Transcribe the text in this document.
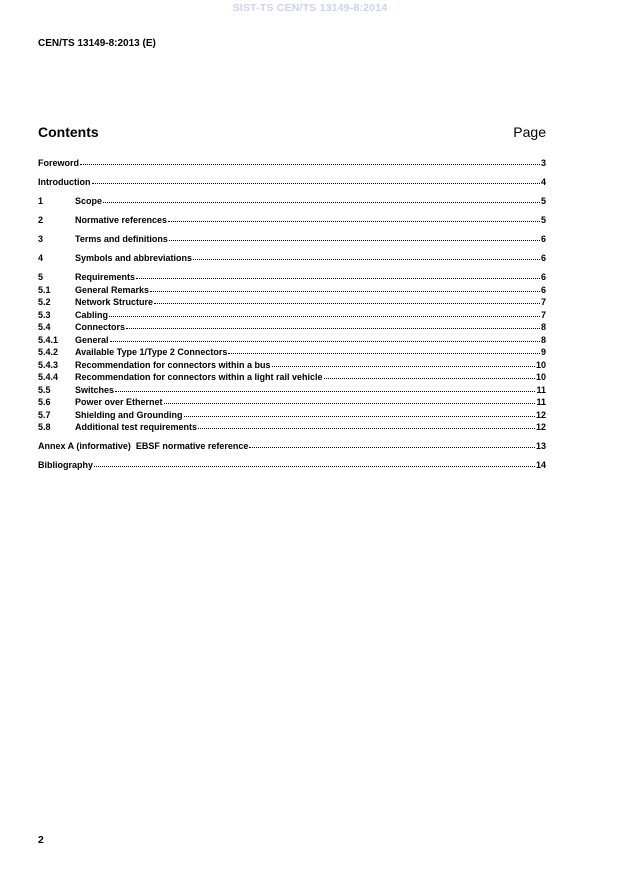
SIST-TS CEN/TS 13149-8:2014
CEN/TS 13149-8:2013 (E)
Contents	Page
Foreword	3
Introduction	4
1	Scope	5
2	Normative references	5
3	Terms and definitions	6
4	Symbols and abbreviations	6
5	Requirements	6
5.1	General Remarks	6
5.2	Network Structure	7
5.3	Cabling	7
5.4	Connectors	8
5.4.1	General	8
5.4.2	Available Type 1/Type 2 Connectors	9
5.4.3	Recommendation for connectors within a bus	10
5.4.4	Recommendation for connectors within a light rail vehicle	10
5.5	Switches	11
5.6	Power over Ethernet	11
5.7	Shielding and Grounding	12
5.8	Additional test requirements	12
Annex A (informative)  EBSF normative reference	13
Bibliography	14
2
